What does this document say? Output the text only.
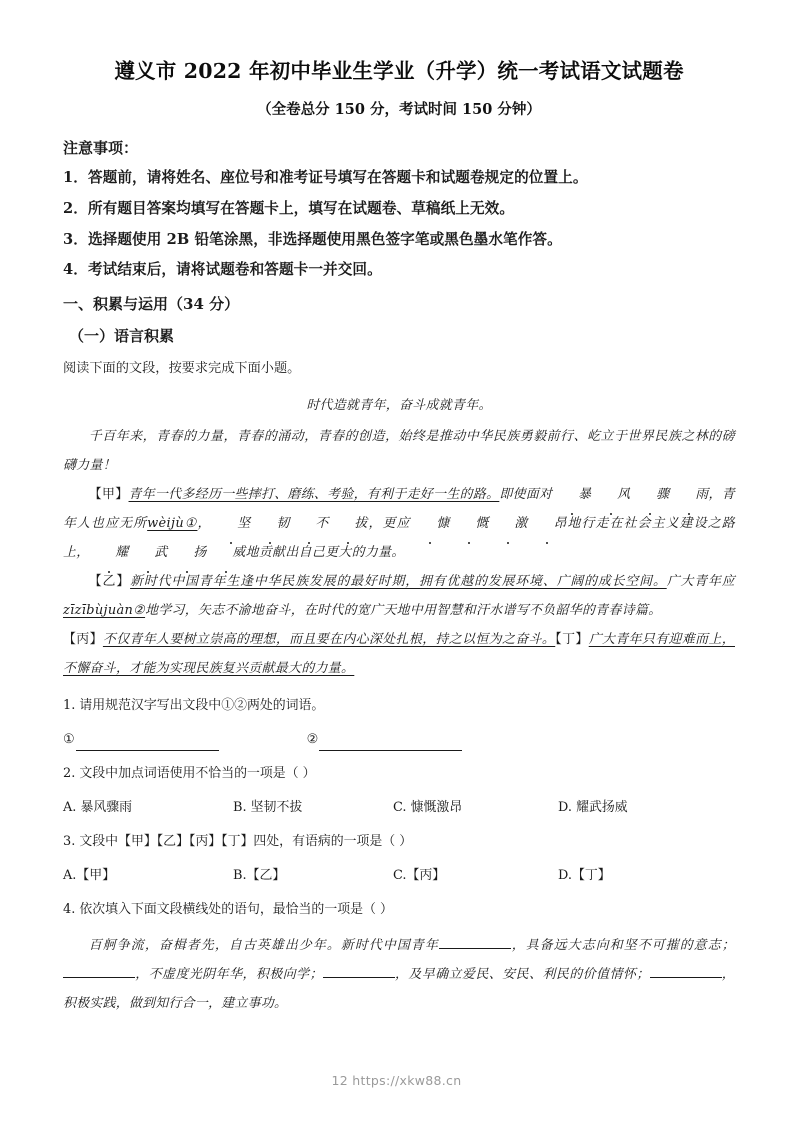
遵义市 2022 年初中毕业生学业（升学）统一考试语文试题卷
（全卷总分 150 分，考试时间 150 分钟）
注意事项：
1．答题前，请将姓名、座位号和准考证号填写在答题卡和试题卷规定的位置上。
2．所有题目答案均填写在答题卡上，填写在试题卷、草稿纸上无效。
3．选择题使用 2B 铅笔涂黑，非选择题使用黑色签字笔或黑色墨水笔作答。
4．考试结束后，请将试题卷和答题卡一并交回。
一、积累与运用（34 分）
（一）语言积累
阅读下面的文段，按要求完成下面小题。

时代造就青年，奋斗成就青年。

千百年来，青春的力量，青春的涌动，青春的创造，始终是推动中华民族勇毅前行、屹立于世界民族之林的磅礴力量！

【甲】青年一代多经历一些摔打、磨练、考验，有利于走好一生的路。即使面对 暴 风 骤 雨，青年人也应无所wèijù①， 坚 韧 不 拔，更应 慷 慨 激 昂地行走在社会主义建设之路上， 耀 武 扬 威地贡献出自己更大的力量。

【乙】新时代中国青年生逢中华民族发展的最好时期，拥有优越的发展环境、广阔的成长空间。广大青年应zīzībùjuàn②地学习，矢志不渝地奋斗，在时代的宽广天地中用智慧和汗水谱写不负韶华的青春诗篇。

【丙】不仅青年人要树立崇高的理想，而且要在内心深处扎根，持之以恒为之奋斗。【丁】广大青年只有迎难而上，不懈奋斗，才能为实现民族复兴贡献最大的力量。

1. 请用规范汉字写出文段中①②两处的词语。
①	②
2. 文段中加点词语使用不恰当的一项是（ ）
A. 暴风骤雨	B. 坚韧不拔	C. 慷慨激昂	D. 耀武扬威
3. 文段中【甲】【乙】【丙】【丁】四处，有语病的一项是（ ）
A.【甲】	B.【乙】	C.【丙】	D.【丁】
4. 依次填入下面文段横线处的语句，最恰当的一项是（ ）

百舸争流，奋楫者先，自古英雄出少年。新时代中国青年	，具备远大志向和坚不可摧的意志；，不虚度光阴年华，积极向学；	，及早确立爱民、安民、利民的价值情怀；	，积极实践，做到知行合一，建立事功。

12 https://xkw88.cn
